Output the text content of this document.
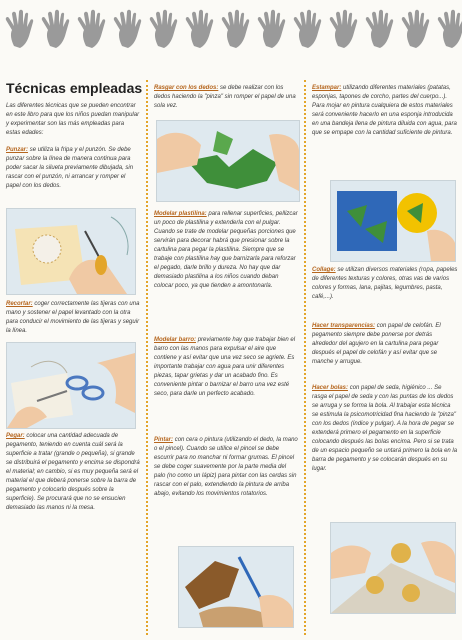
Técnicas empleadas

Las diferentes técnicas que se pueden encontrar en este libro para que los niños puedan manipular y experimentar son las más empleadas para estas edades:

Punzar: se utiliza la fripa y el punzón. Se debe punzar sobre la línea de manera continua para poder sacar la silueta previamente dibujada, sin rascar con el punzón, ni arrancar y romper el papel con los dedos.

Recortar: coger correctamente las tijeras con una mano y sostener el papel levantado con la otra para conducir el movimiento de las tijeras y seguir la línea.

Pegar: colocar una cantidad adecuada de pegamento, teniendo en cuenta cuál será la superficie a tratar (grande o pequeña), si grande se distribuirá el pegamento y encima se dispondrá el material; en cambio, si es muy pequeña será el material el que deberá ponerse sobre la barra de pegamento y colocarlo después sobre la superficie). Se procurará que no se ensucien demasiado las manos ni la mesa.

Rasgar con los dedos: se debe realizar con los dedos haciendo la "pinza" sin romper el papel de una sola vez.

Modelar plastilina: para rellenar superficies, pellizcar un poco de plastilina y extenderla con el pulgar. Cuando se trate de modelar pequeñas porciones que servirán para decorar habrá que presionar sobre la cartulina para pegar la plastilina. Siempre que se trabaje con plastilina hay que barnizarla para reforzar el pegado, darle brillo y dureza. No hay que dar demasiado plastilina a los niños cuando deban colocar poco, ya que tienden a amontonarla.

Modelar barro: previamente hay que trabajar bien el barro con las manos para expulsar el aire que contiene y así evitar que una vez seco se agriete. Es importante trabajar con agua para unir diferentes piezas, tapar grietas y dar un acabado fino. Es conveniente pintar o barnizar el barro una vez esté seco, para darle un perfecto acabado.

Pintar: con cera o pintura (utilizando el dedo, la mano o el pincel). Cuando se utilice el pincel se debe escurrir para no manchar ni formar grumas. El pincel se debe coger suavemente por la parte media del palo (no como un lápiz) para pintar con las cerdas sin rascar con el palo, extendiendo la pintura de arriba abajo, evitando los movimientos rotatorios.

Estampar: utilizando diferentes materiales (patatas, esponjas, tapones de corcho, partes del cuerpo...). Para mojar en pintura cualquiera de estos materiales será conveniente hacerlo en una esponja introducida en una bandeja llena de pintura diluida con agua, para que se empape con la cantidad suficiente de pintura.

Collage: se utilizan diversos materiales (ropa, papeles de diferentes texturas y colores, otras vas de varios colores y formas, lana, pajitas, legumbres, pasta, café,...).

Hacer transparencias: con papel de celofán. El pegamento siempre debe ponerse por detrás alrededor del agujero en la cartulina para pegar después el papel de celofán y así evitar que se manche y arrugue.

Hacer bolas: con papel de seda, higiénico ... Se rasga el papel de seda y con las puntas de los dedos se arruga y se forma la bola. Al trabajar esta técnica se estimula la psicomotricidad fina haciendo la "pinza" con los dedos (índice y pulgar). A la hora de pegar se extenderá primero el pegamento en la superficie colocando después las bolas encima. Pero si se trata de un espacio pequeño se untará primero la bola en la barra de pegamento y se colocarán después en su lugar.
